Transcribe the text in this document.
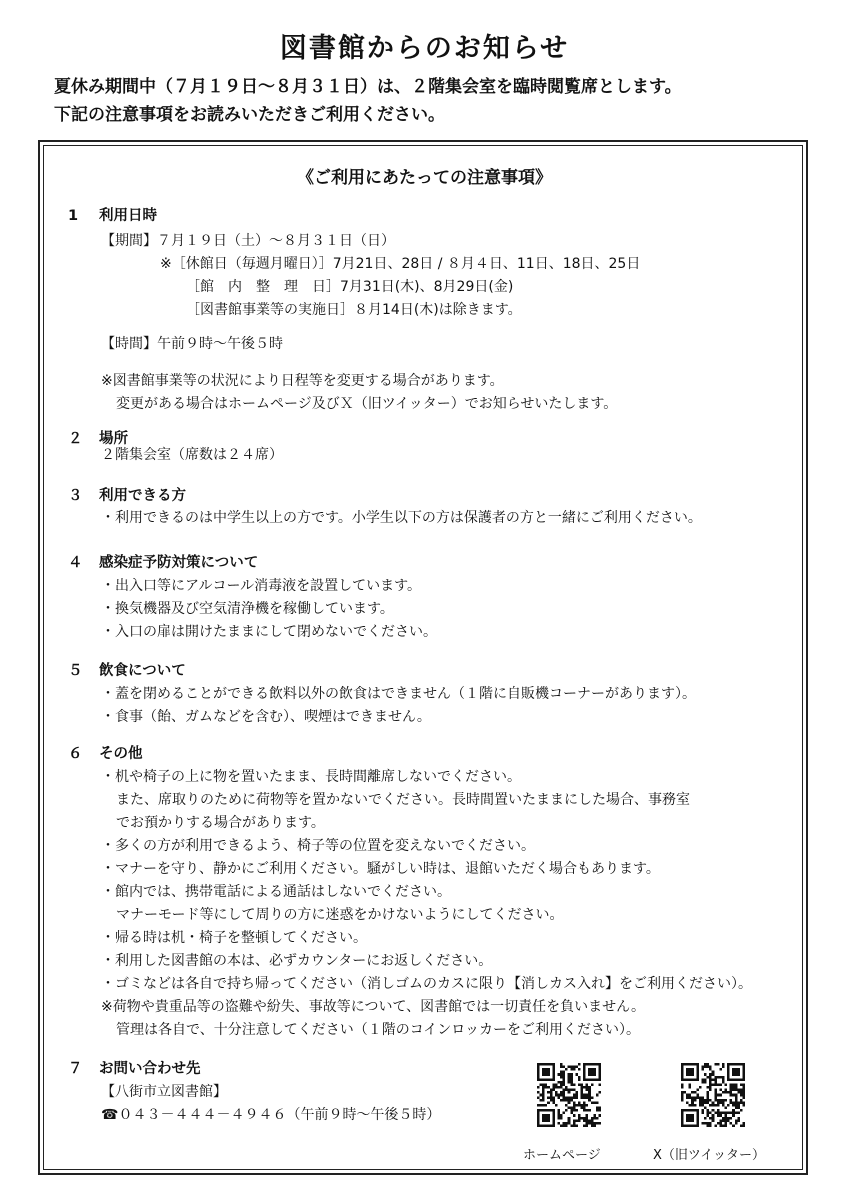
図書館からのお知らせ
夏休み期間中（７月１９日～８月３１日）は、２階集会室を臨時閲覧席とします。
下記の注意事項をお読みいただきご利用ください。
《ご利用にあたっての注意事項》
1 利用日時
【期間】７月１９日（土）～８月３１日（日）
※［休館日（毎週月曜日）］7月21日、28日 / ８月４日、11日、18日、25日
［館　内　整　理　日］7月31日(木)、8月29日(金)
［図書館事業等の実施日］８月14日(木)は除きます。
【時間】午前９時～午後５時
※図書館事業等の状況により日程等を変更する場合があります。
変更がある場合はホームページ及びＸ（旧ツイッター）でお知らせいたします。
２ 場所
２階集会室（席数は２４席）
３ 利用できる方
・利用できるのは中学生以上の方です。小学生以下の方は保護者の方と一緒にご利用ください。
４ 感染症予防対策について
・出入口等にアルコール消毒液を設置しています。
・換気機器及び空気清浄機を稼働しています。
・入口の扉は開けたままにして閉めないでください。
５ 飲食について
・蓋を閉めることができる飲料以外の飲食はできません（１階に自販機コーナーがあります）。
・食事（飴、ガムなどを含む）、喫煙はできません。
６ その他
・机や椅子の上に物を置いたまま、長時間離席しないでください。
また、席取りのために荷物等を置かないでください。長時間置いたままにした場合、事務室
でお預かりする場合があります。
・多くの方が利用できるよう、椅子等の位置を変えないでください。
・マナーを守り、静かにご利用ください。騒がしい時は、退館いただく場合もあります。
・館内では、携帯電話による通話はしないでください。
マナーモード等にして周りの方に迷惑をかけないようにしてください。
・帰る時は机・椅子を整頓してください。
・利用した図書館の本は、必ずカウンターにお返しください。
・ゴミなどは各自で持ち帰ってください（消しゴムのカスに限り【消しカス入れ】をご利用ください）。
※荷物や貴重品等の盗難や紛失、事故等について、図書館では一切責任を負いません。
管理は各自で、十分注意してください（１階のコインロッカーをご利用ください）。
７ お問い合わせ先
【八街市立図書館】
☎０４３－４４４－４９４６（午前９時～午後５時）
ホームページ	X（旧ツイッター）
